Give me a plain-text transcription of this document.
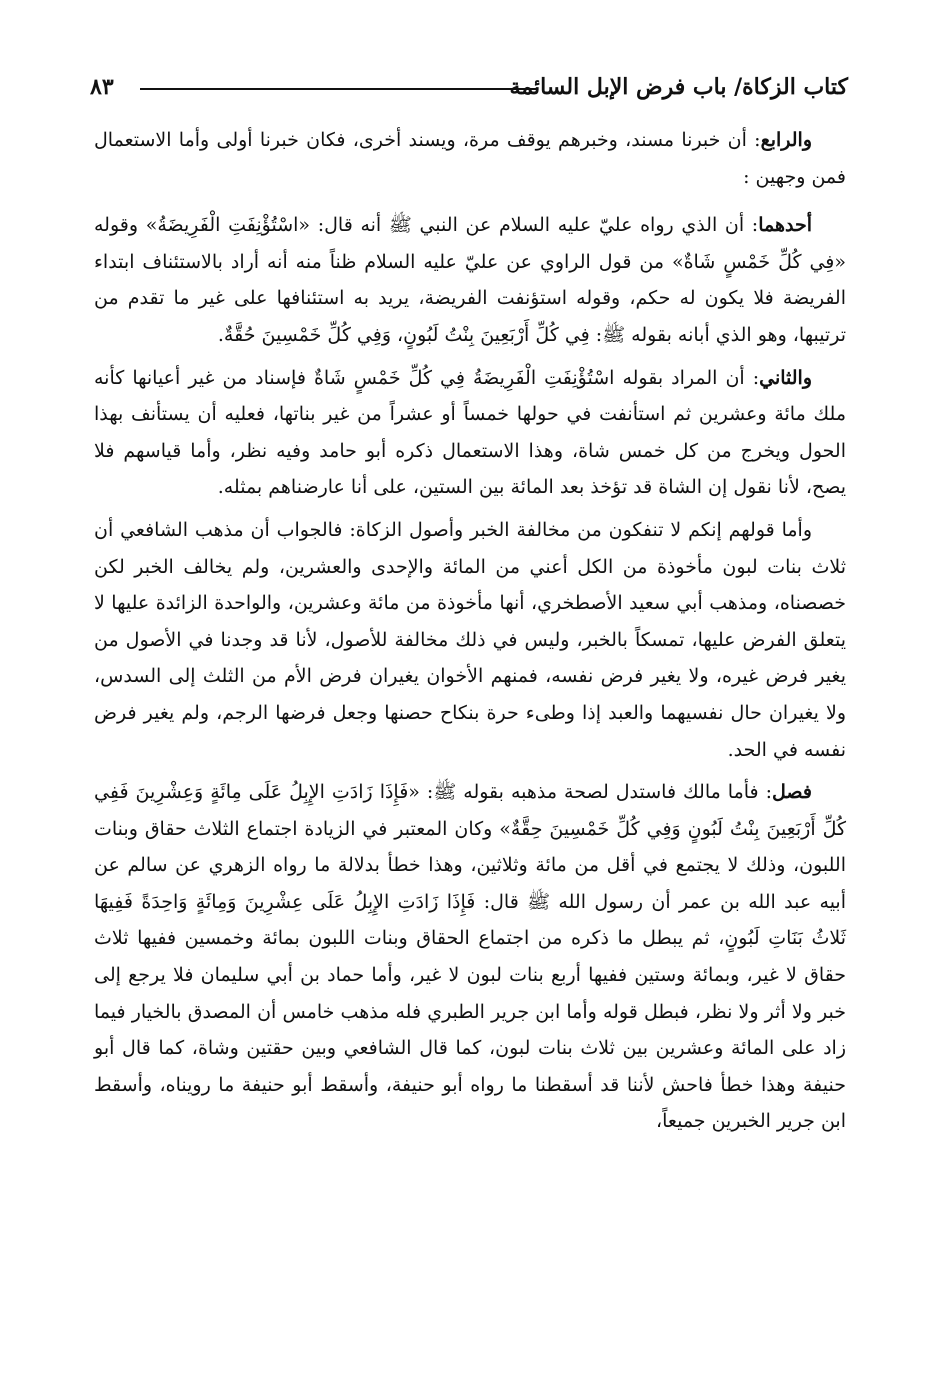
كتاب الزكاة/ باب فرض الإبل السائمة
٨٣

والرابع: أن خبرنا مسند، وخبرهم يوقف مرة، ويسند أخرى، فكان خبرنا أولى وأما الاستعمال فمن وجهين :

أحدهما: أن الذي رواه عليّ عليه السلام عن النبي ﷺ أنه قال: «اسْتُؤْنِفَتِ الْفَرِيضَةُ» وقوله «فِي كُلِّ خَمْسٍ شَاةٌ» من قول الراوي عن عليّ عليه السلام ظناً منه أنه أراد بالاستئناف ابتداء الفريضة فلا يكون له حكم، وقوله استؤنفت الفريضة، يريد به استئنافها على غير ما تقدم من ترتيبها، وهو الذي أبانه بقوله ﷺ: فِي كُلِّ أَرْبَعِينَ بِنْتُ لَبُونٍ، وَفِي كُلِّ خَمْسِينَ حُقَّةٌ.

والثاني: أن المراد بقوله اسْتُؤْنِفَتِ الْفَرِيضَةُ فِي كُلِّ خَمْسٍ شَاةٌ فإسناد من غير أعيانها كأنه ملك مائة وعشرين ثم استأنفت في حولها خمساً أو عشراً من غير بناتها، فعليه أن يستأنف بهذا الحول ويخرج من كل خمس شاة، وهذا الاستعمال ذكره أبو حامد وفيه نظر، وأما قياسهم فلا يصح، لأنا نقول إن الشاة قد تؤخذ بعد المائة بين الستين، على أنا عارضناهم بمثله.

وأما قولهم إنكم لا تنفكون من مخالفة الخبر وأصول الزكاة: فالجواب أن مذهب الشافعي أن ثلاث بنات لبون مأخوذة من الكل أعني من المائة والإحدى والعشرين، ولم يخالف الخبر لكن خصصناه، ومذهب أبي سعيد الأصطخري، أنها مأخوذة من مائة وعشرين، والواحدة الزائدة عليها لا يتعلق الفرض عليها، تمسكاً بالخبر، وليس في ذلك مخالفة للأصول، لأنا قد وجدنا في الأصول من يغير فرض غيره، ولا يغير فرض نفسه، فمنهم الأخوان يغيران فرض الأم من الثلث إلى السدس، ولا يغيران حال نفسيهما والعبد إذا وطىء حرة بنكاح حصنها وجعل فرضها الرجم، ولم يغير فرض نفسه في الحد.

فصل: فأما مالك فاستدل لصحة مذهبه بقوله ﷺ: «فَإِذَا زَادَتِ الإِبِلُ عَلَى مِائَةٍ وَعِشْرِينَ فَفِي كُلِّ أَرْبَعِينَ بِنْتُ لَبُونٍ وَفِي كُلِّ خَمْسِينَ حِقَّةٌ» وكان المعتبر في الزيادة اجتماع الثلاث حقاق وبنات اللبون، وذلك لا يجتمع في أقل من مائة وثلاثين، وهذا خطأ بدلالة ما رواه الزهري عن سالم عن أبيه عبد الله بن عمر أن رسول الله ﷺ قال: فَإِذَا زَادَتِ الإِبِلُ عَلَى عِشْرِينَ وَمِائَةٍ وَاحِدَةً فَفِيهَا ثَلاثُ بَنَاتِ لَبُونٍ، ثم يبطل ما ذكره من اجتماع الحقاق وبنات اللبون بمائة وخمسين ففيها ثلاث حقاق لا غير، وبمائة وستين ففيها أربع بنات لبون لا غير، وأما حماد بن أبي سليمان فلا يرجع إلى خبر ولا أثر ولا نظر، فبطل قوله وأما ابن جرير الطبري فله مذهب خامس أن المصدق بالخيار فيما زاد على المائة وعشرين بين ثلاث بنات لبون، كما قال الشافعي وبين حقتين وشاة، كما قال أبو حنيفة وهذا خطأ فاحش لأننا قد أسقطنا ما رواه أبو حنيفة، وأسقط أبو حنيفة ما رويناه، وأسقط ابن جرير الخبرين جميعاً،
